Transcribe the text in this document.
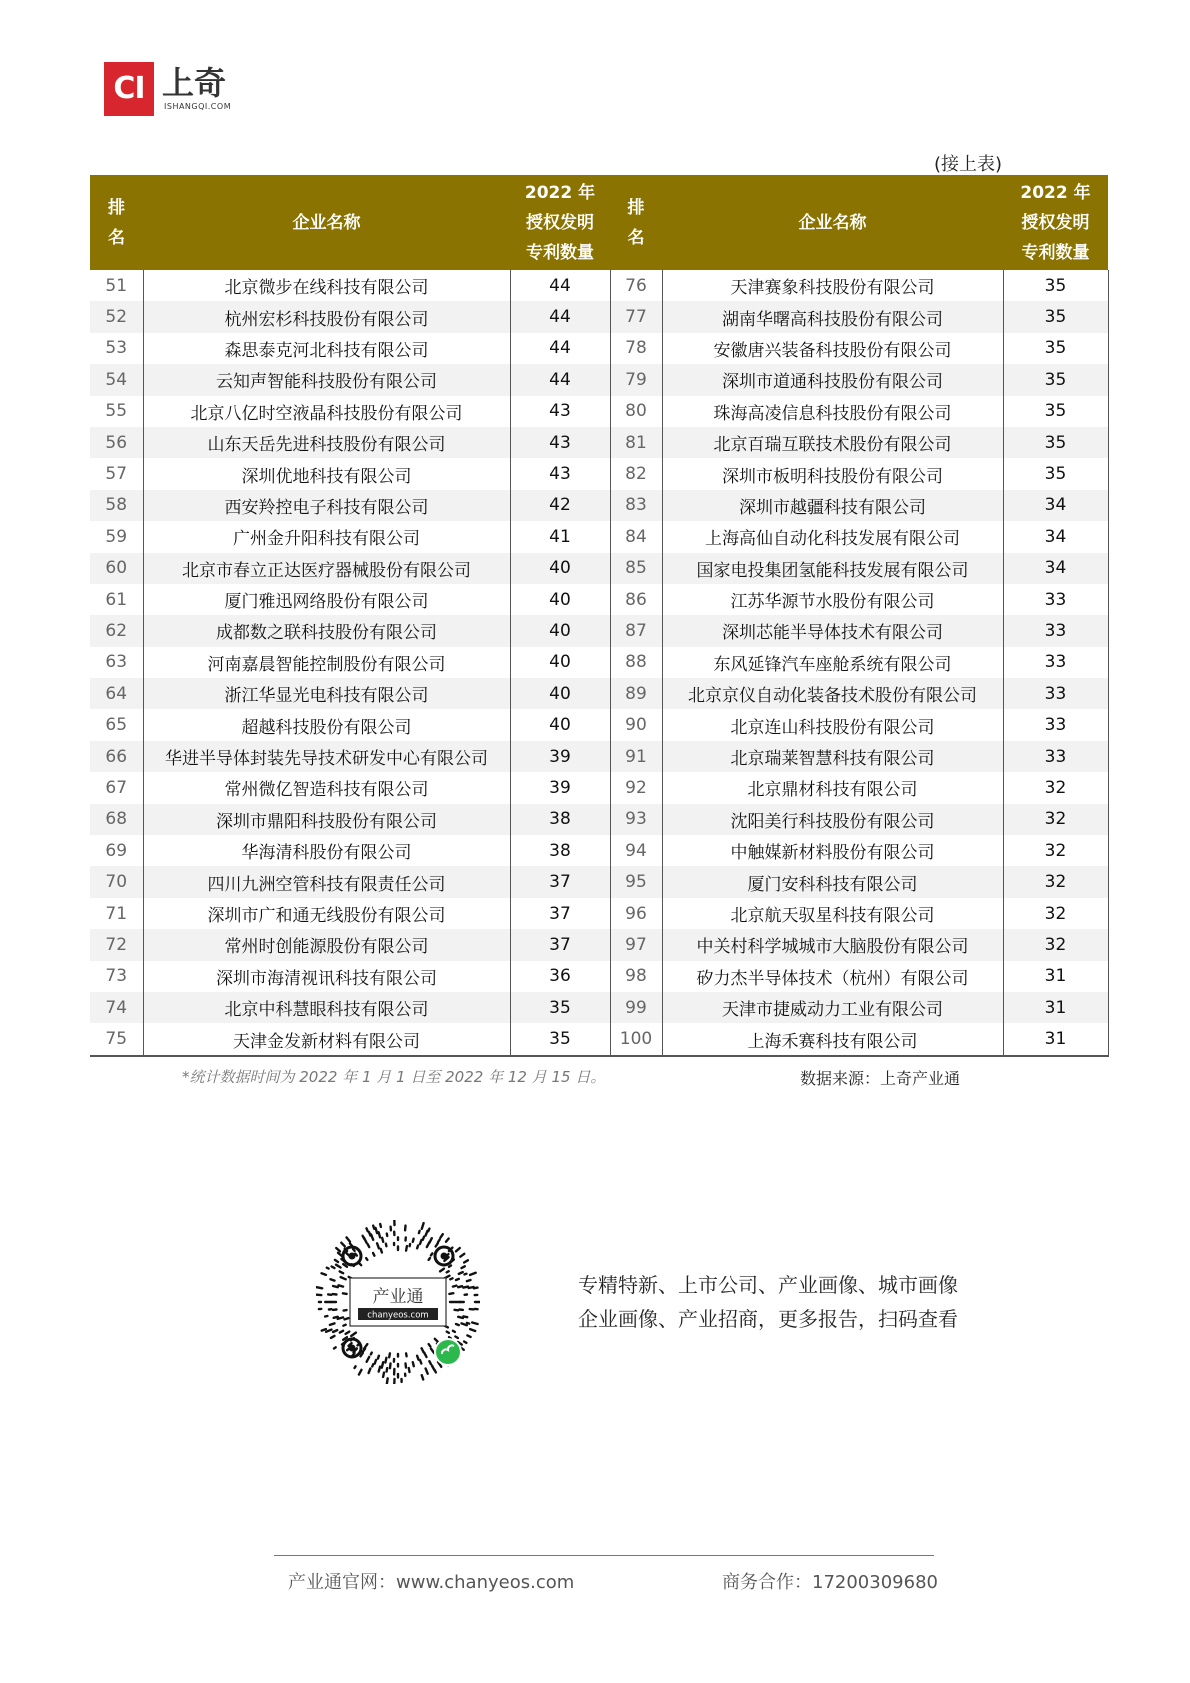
CI 上奇
ISHANGQI.COM
(接上表)
排
名	企业名称	2022 年
授权发明
专利数量	排
名	企业名称	2022 年
授权发明
专利数量
51	北京微步在线科技有限公司	44	76	天津赛象科技股份有限公司	35
52	杭州宏杉科技股份有限公司	44	77	湖南华曙高科技股份有限公司	35
53	森思泰克河北科技有限公司	44	78	安徽唐兴装备科技股份有限公司	35
54	云知声智能科技股份有限公司	44	79	深圳市道通科技股份有限公司	35
55	北京八亿时空液晶科技股份有限公司	43	80	珠海高凌信息科技股份有限公司	35
56	山东天岳先进科技股份有限公司	43	81	北京百瑞互联技术股份有限公司	35
57	深圳优地科技有限公司	43	82	深圳市板明科技股份有限公司	35
58	西安羚控电子科技有限公司	42	83	深圳市越疆科技有限公司	34
59	广州金升阳科技有限公司	41	84	上海高仙自动化科技发展有限公司	34
60	北京市春立正达医疗器械股份有限公司	40	85	国家电投集团氢能科技发展有限公司	34
61	厦门雅迅网络股份有限公司	40	86	江苏华源节水股份有限公司	33
62	成都数之联科技股份有限公司	40	87	深圳芯能半导体技术有限公司	33
63	河南嘉晨智能控制股份有限公司	40	88	东风延锋汽车座舱系统有限公司	33
64	浙江华显光电科技有限公司	40	89	北京京仪自动化装备技术股份有限公司	33
65	超越科技股份有限公司	40	90	北京连山科技股份有限公司	33
66	华进半导体封装先导技术研发中心有限公司	39	91	北京瑞莱智慧科技有限公司	33
67	常州微亿智造科技有限公司	39	92	北京鼎材科技有限公司	32
68	深圳市鼎阳科技股份有限公司	38	93	沈阳美行科技股份有限公司	32
69	华海清科股份有限公司	38	94	中触媒新材料股份有限公司	32
70	四川九洲空管科技有限责任公司	37	95	厦门安科科技有限公司	32
71	深圳市广和通无线股份有限公司	37	96	北京航天驭星科技有限公司	32
72	常州时创能源股份有限公司	37	97	中关村科学城城市大脑股份有限公司	32
73	深圳市海清视讯科技有限公司	36	98	矽力杰半导体技术（杭州）有限公司	31
74	北京中科慧眼科技有限公司	35	99	天津市捷威动力工业有限公司	31
75	天津金发新材料有限公司	35	100	上海禾赛科技有限公司	31
*统计数据时间为 2022 年 1 月 1 日至 2022 年 12 月 15 日。	数据来源：上奇产业通
产业通
chanyeos.com
专精特新、上市公司、产业画像、城市画像
企业画像、产业招商，更多报告，扫码查看
产业通官网：www.chanyeos.com	商务合作：17200309680
